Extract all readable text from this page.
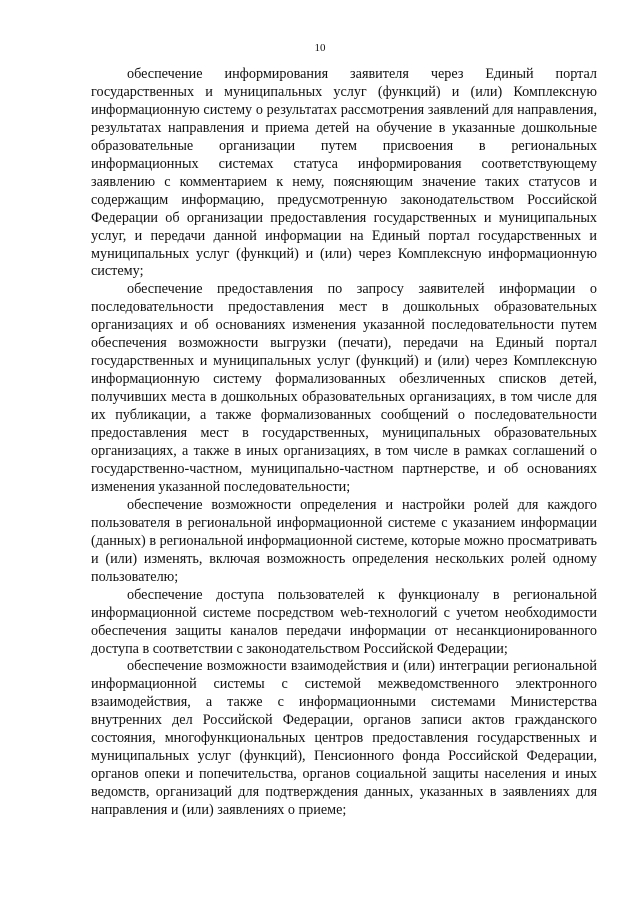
10

обеспечение информирования заявителя через Единый портал государственных и муниципальных услуг (функций) и (или) Комплексную информационную систему о результатах рассмотрения заявлений для направления, результатах направления и приема детей на обучение в указанные дошкольные образовательные организации путем присвоения в региональных информационных системах статуса информирования соответствующему заявлению с комментарием к нему, поясняющим значение таких статусов и содержащим информацию, предусмотренную законодательством Российской Федерации об организации предоставления государственных и муниципальных услуг, и передачи данной информации на Единый портал государственных и муниципальных услуг (функций) и (или) через Комплексную информационную систему;

обеспечение предоставления по запросу заявителей информации о последовательности предоставления мест в дошкольных образовательных организациях и об основаниях изменения указанной последовательности путем обеспечения возможности выгрузки (печати), передачи на Единый портал государственных и муниципальных услуг (функций) и (или) через Комплексную информационную систему формализованных обезличенных списков детей, получивших места в дошкольных образовательных организациях, в том числе для их публикации, а также формализованных сообщений о последовательности предоставления мест в государственных, муниципальных образовательных организациях, а также в иных организациях, в том числе в рамках соглашений о государственно-частном, муниципально-частном партнерстве, и об основаниях изменения указанной последовательности;

обеспечение возможности определения и настройки ролей для каждого пользователя в региональной информационной системе с указанием информации (данных) в региональной информационной системе, которые можно просматривать и (или) изменять, включая возможность определения нескольких ролей одному пользователю;

обеспечение доступа пользователей к функционалу в региональной информационной системе посредством web-технологий с учетом необходимости обеспечения защиты каналов передачи информации от несанкционированного доступа в соответствии с законодательством Российской Федерации;

обеспечение возможности взаимодействия и (или) интеграции региональной информационной системы с системой межведомственного электронного взаимодействия, а также с информационными системами Министерства внутренних дел Российской Федерации, органов записи актов гражданского состояния, многофункциональных центров предоставления государственных и муниципальных услуг (функций), Пенсионного фонда Российской Федерации, органов опеки и попечительства, органов социальной защиты населения и иных ведомств, организаций для подтверждения данных, указанных в заявлениях для направления и (или) заявлениях о приеме;
